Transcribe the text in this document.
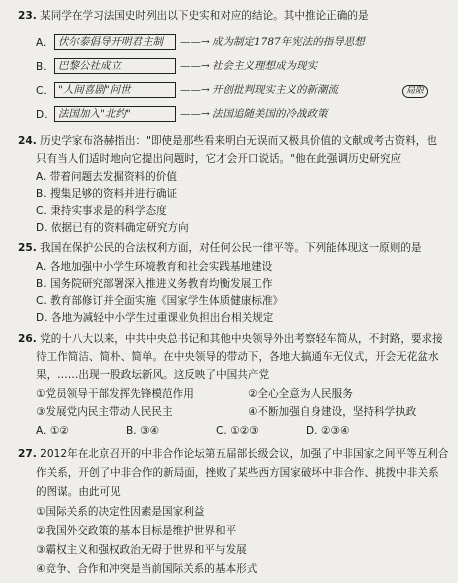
23. 某同学在学习法国史时列出以下史实和对应的结论。其中推论正确的是
A. 伏尔泰倡导开明君主制 ——→ 成为制定1787年宪法的指导思想
B. 巴黎公社成立	——→ 社会主义理想成为现实
C. "人间喜剧"问世	——→ 开创批判现实主义的新潮流	局限
D. 法国加入"北约"	——→ 法国追随美国的冷战政策
24. 历史学家布洛赫指出："即使是那些看来明白无误而又极具价值的文献或考古资料，也
只有当人们适时地向它提出问题时，它才会开口说话。"他在此强调历史研究应
A. 带着问题去发掘资料的价值
B. 搜集足够的资料并进行确证
C. 秉持实事求是的科学态度
D. 依据已有的资料确定研究方向
25. 我国在保护公民的合法权利方面，对任何公民一律平等。下列能体现这一原则的是
A. 各地加强中小学生环境教育和社会实践基地建设
B. 国务院研究部署深入推进义务教育均衡发展工作
C. 教育部修订并全面实施《国家学生体质健康标准》
D. 各地为减轻中小学生过重课业负担出台相关规定
26. 党的十八大以来，中共中央总书记和其他中央领导外出考察轻车简从，不封路，要求接
待工作简洁、简朴、简单。在中央领导的带动下，各地大搞通车无仪式，开会无花盆水
果，……出现一股政坛新风。这反映了中国共产党
①党员领导干部发挥先锋模范作用	②全心全意为人民服务
③发展党内民主带动人民民主	④不断加强自身建设，坚持科学执政
A. ①②	B. ③④	C. ①②③	D. ②③④
27. 2012年在北京召开的中非合作论坛第五届部长级会议，加强了中非国家之间平等互利合
作关系，开创了中非合作的新局面，挫败了某些西方国家破坏中非合作、挑拨中非关系
的图谋。由此可见
①国际关系的决定性因素是国家利益
②我国外交政策的基本目标是维护世界和平
③霸权主义和强权政治无碍于世界和平与发展
④竞争、合作和冲突是当前国际关系的基本形式
